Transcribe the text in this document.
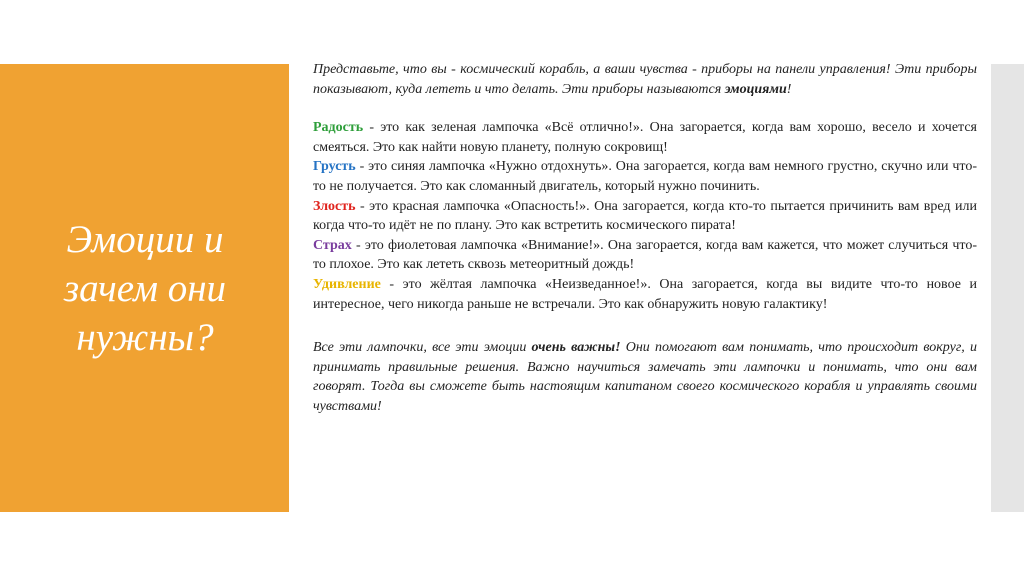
Эмоции и зачем они нужны?

Представьте, что вы - космический корабль, а ваши чувства - приборы на панели управления! Эти приборы показывают, куда лететь и что делать. Эти приборы называются эмоциями!

Радость - это как зеленая лампочка «Всё отлично!». Она загорается, когда вам хорошо, весело и хочется смеяться. Это как найти новую планету, полную сокровищ!

Грусть - это синяя лампочка «Нужно отдохнуть». Она загорается, когда вам немного грустно, скучно или что-то не получается. Это как сломанный двигатель, который нужно починить.

Злость - это красная лампочка «Опасность!». Она загорается, когда кто-то пытается причинить вам вред или когда что-то идёт не по плану. Это как встретить космического пирата!

Страх - это фиолетовая лампочка «Внимание!». Она загорается, когда вам кажется, что может случиться что-то плохое. Это как лететь сквозь метеоритный дождь!

Удивление - это жёлтая лампочка «Неизведанное!». Она загорается, когда вы видите что-то новое и интересное, чего никогда раньше не встречали. Это как обнаружить новую галактику!

Все эти лампочки, все эти эмоции очень важны! Они помогают вам понимать, что происходит вокруг, и принимать правильные решения. Важно научиться замечать эти лампочки и понимать, что они вам говорят. Тогда вы сможете быть настоящим капитаном своего космического корабля и управлять своими чувствами!
